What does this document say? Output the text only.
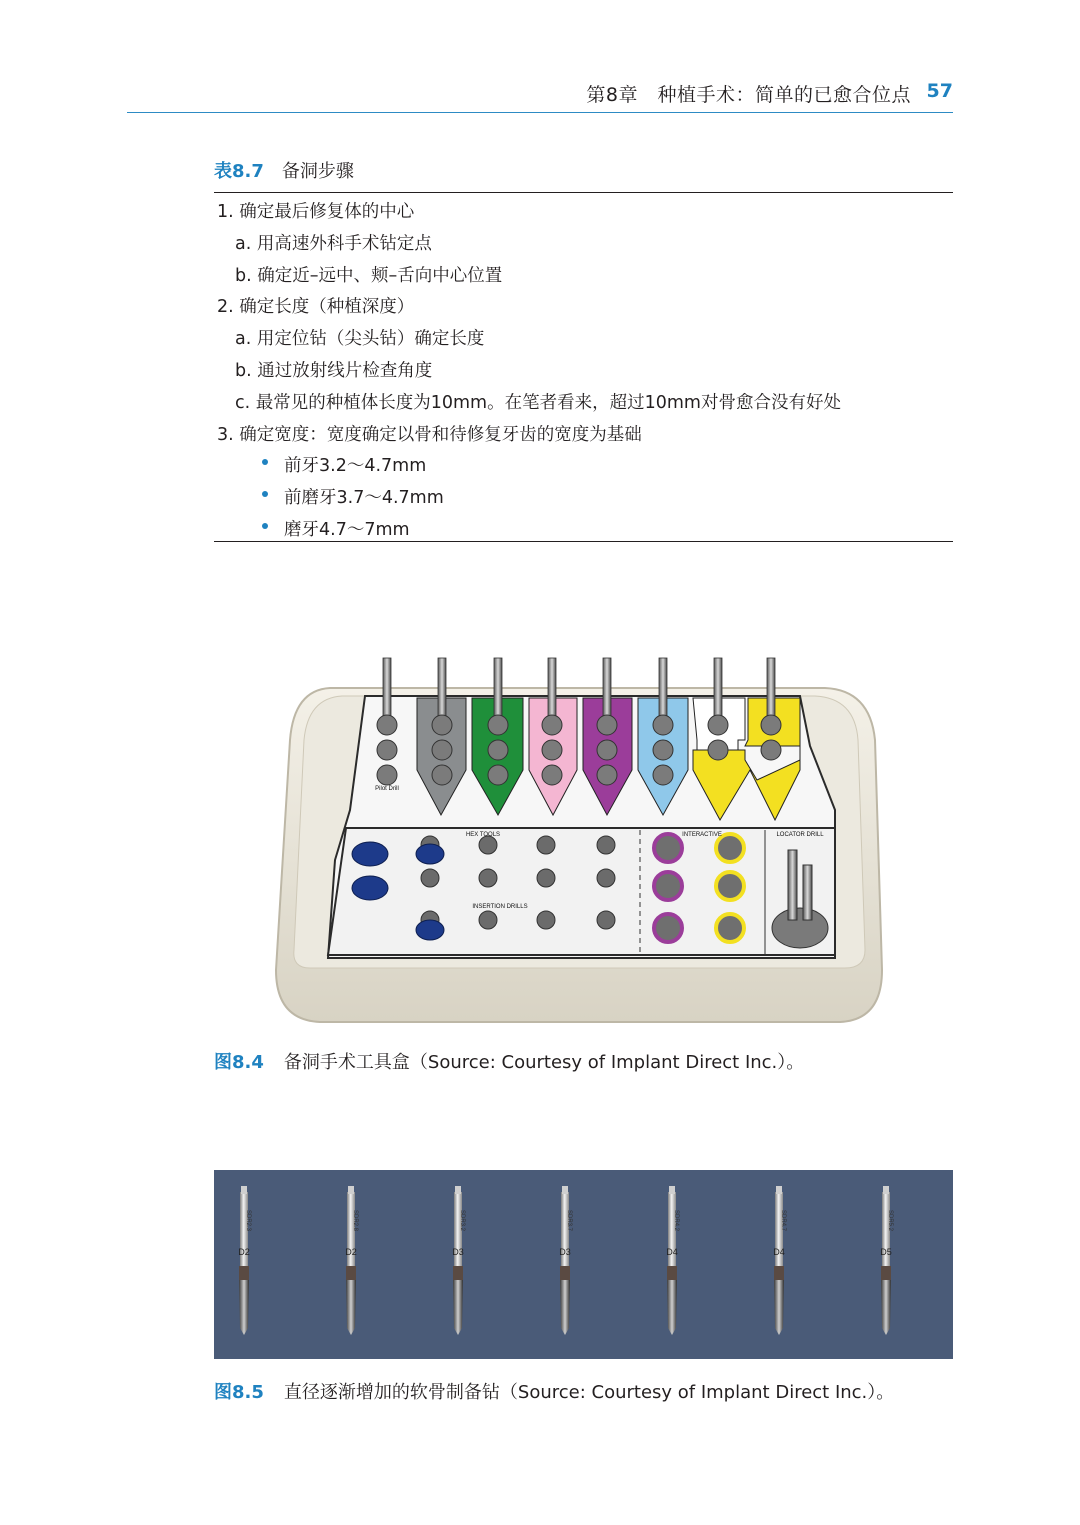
第8章　种植手术：简单的已愈合位点 57
表8.7 备洞步骤
1. 确定最后修复体的中心
a. 用高速外科手术钻定点
b. 确定近–远中、颊–舌向中心位置
2. 确定长度（种植深度）
a. 用定位钻（尖头钻）确定长度
b. 通过放射线片检查角度
c. 最常见的种植体长度为10mm。在笔者看来，超过10mm对骨愈合没有好处
3. 确定宽度：宽度确定以骨和待修复牙齿的宽度为基础
前牙3.2～4.7mm
前磨牙3.7～4.7mm
磨牙4.7～7mm
Pilot Drill
HEX TOOLS
INSERTION DRILLS
INTERACTIVE	LOCATOR DRILL
图8.4 备洞手术工具盒（Source: Courtesy of Implant Direct Inc.）。
D2
SDR2.3
D2
SDR2.8
D3
SDR3.2
D3
SDR3.7
D4
SDR4.2
D4
SDR4.7
D5
SDR5.2
图8.5 直径逐渐增加的软骨制备钻（Source: Courtesy of Implant Direct Inc.）。
